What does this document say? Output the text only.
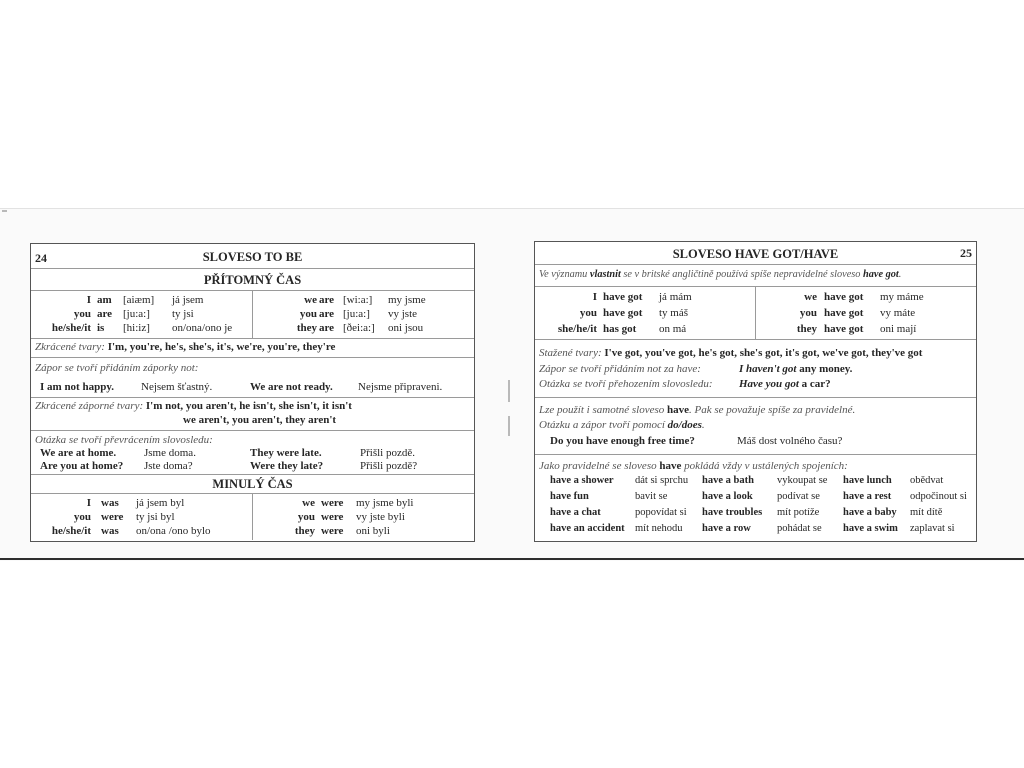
24	SLOVESO TO BE
PŘÍTOMNÝ ČAS
I am [aiæm] já jsem	we are [wi:a:] my jsme
you are [ju:a:] ty jsi	you are [ju:a:] vy jste
he/she/it is [hi:iz] on/ona/ono je	they are [ðei:a:] oni jsou
Zkrácené tvary: I'm, you're, he's, she's, it's, we're, you're, they're
Zápor se tvoří přidáním záporky not:
I am not happy. Nejsem šťastný.	We are not ready. Nejsme připraveni.
Zkrácené záporné tvary: I'm not, you aren't, he isn't, she isn't, it isn't
we aren't, you aren't, they aren't
Otázka se tvoří převrácením slovosledu:
We are at home.	Jsme doma.	They were late.	Přišli pozdě.
Are you at home? Jste doma?	Were they late?	Přišli pozdě?
MINULÝ ČAS
I was já jsem byl	we were my jsme byli
you were ty jsi byl	you were vy jste byli
he/she/it was on/ona /ono bylo	they were oni byli
SLOVESO HAVE GOT/HAVE	25
Ve významu vlastnit se v britské angličtině používá spíše nepravidelné sloveso have got.
I have got já mám	we have got my máme
you have got ty máš	you have got vy máte
she/he/it has got on má	they have got oni mají
Stažené tvary: I've got, you've got, he's got, she's got, it's got, we've got, they've got
Zápor se tvoří přidáním not za have:	I haven't got any money.
Otázka se tvoří přehozením slovosledu: Have you got a car?
Lze použít i samotné sloveso have. Pak se považuje spíše za pravidelné.
Otázku a zápor tvoří pomocí do/does.
Do you have enough free time?	Máš dost volného času?
Jako pravidelné se sloveso have pokládá vždy v ustálených spojeních:
have a shower dát si sprchu have a bath vykoupat se have lunch obědvat
have fun	bavit se	have a look podívat se have a rest odpočinout si
have a chat	popovídat si have troubles mít potíže have a baby mít dítě
have an accident mít nehodu have a row pohádat se have a swim zaplavat si
